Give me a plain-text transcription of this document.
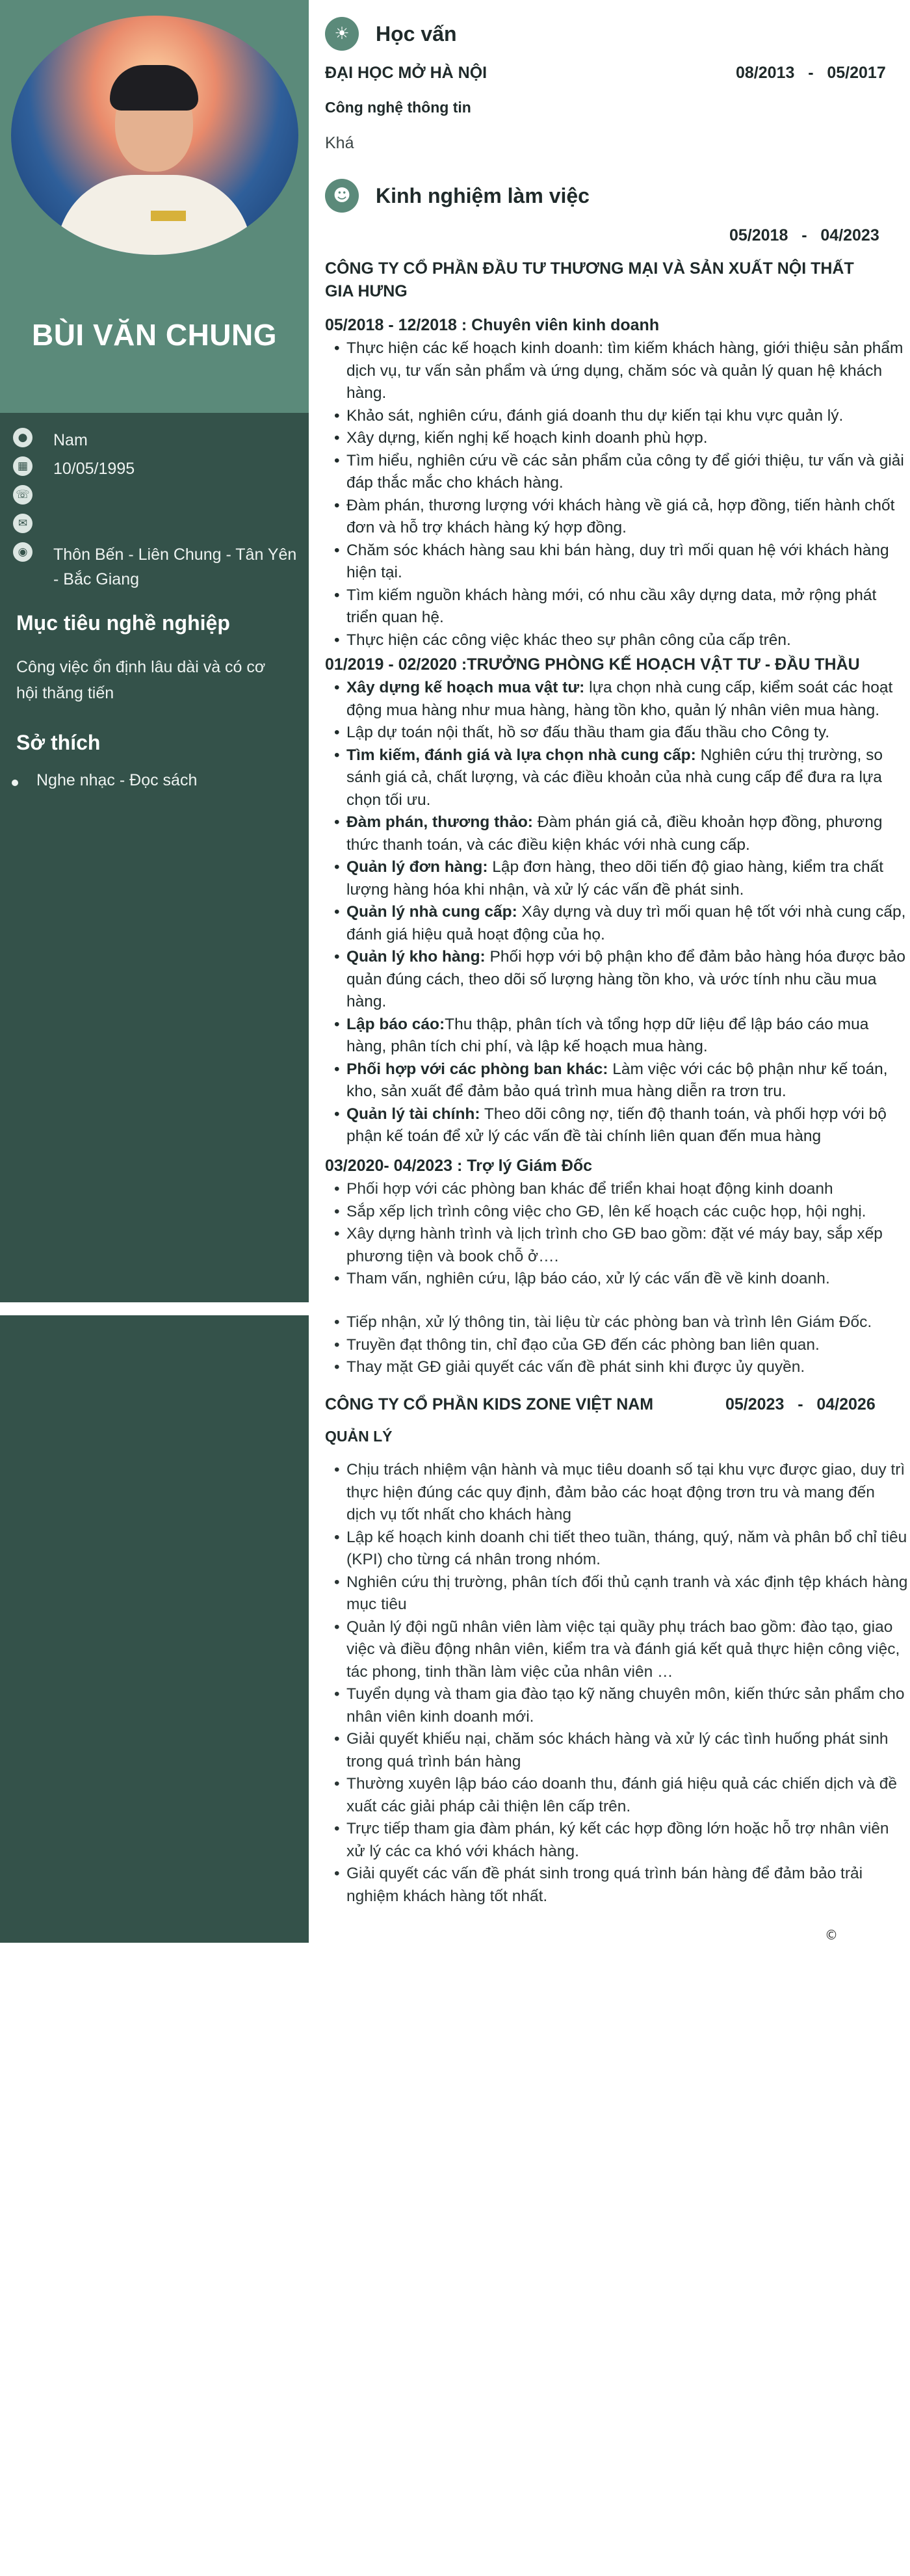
BÙI VĂN CHUNG
●	Nam
▦ 10/05/1995
☏
✉
◉	Thôn Bến - Liên Chung - Tân Yên - Bắc Giang
Mục tiêu nghề nghiệp
Công việc ổn định lâu dài và có cơ hội thăng tiến
Sở thích
Nghe nhạc - Đọc sách
☀	Học vấn
ĐẠI HỌC MỞ HÀ NỘI	08/2013   -   05/2017
Công nghệ thông tin
Khá
☻	Kinh nghiệm làm việc
05/2018   -   04/2023
CÔNG TY CỔ PHẦN ĐẦU TƯ THƯƠNG MẠI VÀ SẢN XUẤT NỘI THẤT GIA HƯNG
05/2018 - 12/2018 : Chuyên viên kinh doanh
• Thực hiện các kế hoạch kinh doanh: tìm kiếm khách hàng, giới thiệu sản phẩm dịch vụ, tư vấn sản phẩm và ứng dụng, chăm sóc và quản lý quan hệ khách hàng.
• Khảo sát, nghiên cứu, đánh giá doanh thu dự kiến tại khu vực quản lý.
• Xây dựng, kiến nghị kế hoạch kinh doanh phù hợp.
• Tìm hiểu, nghiên cứu về các sản phẩm của công ty để giới thiệu, tư vấn và giải đáp thắc mắc cho khách hàng.
• Đàm phán, thương lượng với khách hàng về giá cả, hợp đồng, tiến hành chốt đơn và hỗ trợ khách hàng ký hợp đồng.
• Chăm sóc khách hàng sau khi bán hàng, duy trì mối quan hệ với khách hàng hiện tại.
• Tìm kiếm nguồn khách hàng mới, có nhu cầu xây dựng data, mở rộng phát triển quan hệ.
• Thực hiện các công việc khác theo sự phân công của cấp trên.
01/2019 - 02/2020 :TRƯỞNG PHÒNG KẾ HOẠCH VẬT TƯ - ĐẦU THẦU
• Xây dựng kế hoạch mua vật tư: lựa chọn nhà cung cấp, kiểm soát các hoạt động mua hàng như mua hàng, hàng tồn kho, quản lý nhân viên mua hàng.
• Lập dự toán nội thất, hồ sơ đấu thầu tham gia đấu thầu cho Công ty.
• Tìm kiếm, đánh giá và lựa chọn nhà cung cấp: Nghiên cứu thị trường, so sánh giá cả, chất lượng, và các điều khoản của nhà cung cấp để đưa ra lựa chọn tối ưu.
• Đàm phán, thương thảo: Đàm phán giá cả, điều khoản hợp đồng, phương thức thanh toán, và các điều kiện khác với nhà cung cấp.
• Quản lý đơn hàng: Lập đơn hàng, theo dõi tiến độ giao hàng, kiểm tra chất lượng hàng hóa khi nhận, và xử lý các vấn đề phát sinh.
• Quản lý nhà cung cấp: Xây dựng và duy trì mối quan hệ tốt với nhà cung cấp, đánh giá hiệu quả hoạt động của họ.
• Quản lý kho hàng: Phối hợp với bộ phận kho để đảm bảo hàng hóa được bảo quản đúng cách, theo dõi số lượng hàng tồn kho, và ước tính nhu cầu mua hàng.
• Lập báo cáo:Thu thập, phân tích và tổng hợp dữ liệu để lập báo cáo mua hàng, phân tích chi phí, và lập kế hoạch mua hàng.
• Phối hợp với các phòng ban khác: Làm việc với các bộ phận như kế toán, kho, sản xuất để đảm bảo quá trình mua hàng diễn ra trơn tru.
• Quản lý tài chính: Theo dõi công nợ, tiến độ thanh toán, và phối hợp với bộ phận kế toán để xử lý các vấn đề tài chính liên quan đến mua hàng
03/2020- 04/2023 : Trợ lý Giám Đốc
• Phối hợp với các phòng ban khác để triển khai hoạt động kinh doanh
• Sắp xếp lịch trình công việc cho GĐ, lên kế hoạch các cuộc họp, hội nghị.
• Xây dựng hành trình và lịch trình cho GĐ bao gồm: đặt vé máy bay, sắp xếp phương tiện và book chỗ ở….
• Tham vấn, nghiên cứu, lập báo cáo, xử lý các vấn đề về kinh doanh.
• Tiếp nhận, xử lý thông tin, tài liệu từ các phòng ban và trình lên Giám Đốc.
• Truyền đạt thông tin, chỉ đạo của GĐ đến các phòng ban liên quan.
• Thay mặt GĐ giải quyết các vấn đề phát sinh khi được ủy quyền.
CÔNG TY CỔ PHẦN KIDS ZONE VIỆT NAM	05/2023   -   04/2026
QUẢN LÝ
• Chịu trách nhiệm vận hành và mục tiêu doanh số tại khu vực được giao, duy trì thực hiện đúng các quy định, đảm bảo các hoạt động trơn tru và mang đến dịch vụ tốt nhất cho khách hàng
• Lập kế hoạch kinh doanh chi tiết theo tuần, tháng, quý, năm và phân bổ chỉ tiêu (KPI) cho từng cá nhân trong nhóm.
• Nghiên cứu thị trường, phân tích đối thủ cạnh tranh và xác định tệp khách hàng mục tiêu
• Quản lý đội ngũ nhân viên làm việc tại quầy phụ trách bao gồm: đào tạo, giao việc và điều động nhân viên, kiểm tra và đánh giá kết quả thực hiện công việc, tác phong, tinh thần làm việc của nhân viên …
• Tuyển dụng và tham gia đào tạo kỹ năng chuyên môn, kiến thức sản phẩm cho nhân viên kinh doanh mới.
• Giải quyết khiếu nại, chăm sóc khách hàng và xử lý các tình huống phát sinh trong quá trình bán hàng
• Thường xuyên lập báo cáo doanh thu, đánh giá hiệu quả các chiến dịch và đề xuất các giải pháp cải thiện lên cấp trên.
• Trực tiếp tham gia đàm phán, ký kết các hợp đồng lớn hoặc hỗ trợ nhân viên xử lý các ca khó với khách hàng.
• Giải quyết các vấn đề phát sinh trong quá trình bán hàng để đảm bảo trải nghiệm khách hàng tốt nhất.
©
